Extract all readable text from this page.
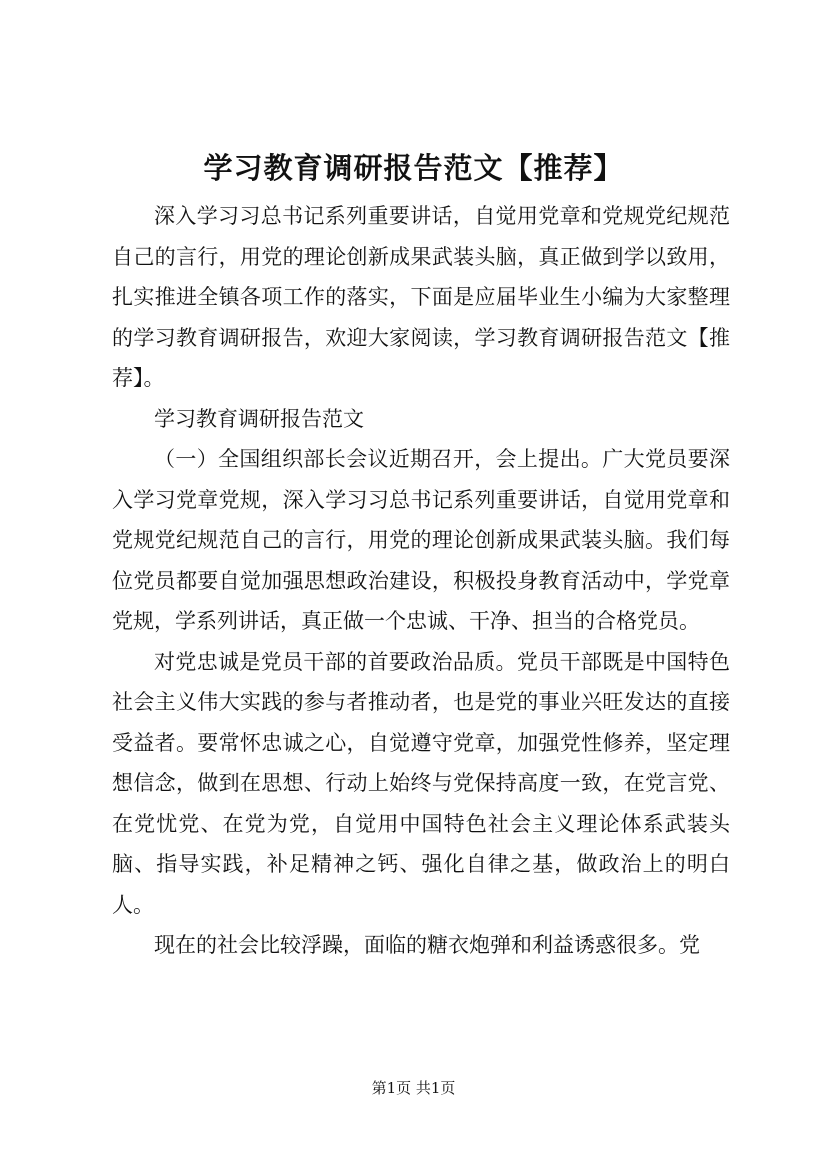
学习教育调研报告范文【推荐】

深入学习习总书记系列重要讲话，自觉用党章和党规党纪规范自己的言行，用党的理论创新成果武装头脑，真正做到学以致用，扎实推进全镇各项工作的落实，下面是应届毕业生小编为大家整理的学习教育调研报告，欢迎大家阅读，学习教育调研报告范文【推荐】。

学习教育调研报告范文

（一）全国组织部长会议近期召开，会上提出。广大党员要深入学习党章党规，深入学习习总书记系列重要讲话，自觉用党章和党规党纪规范自己的言行，用党的理论创新成果武装头脑。我们每位党员都要自觉加强思想政治建设，积极投身教育活动中，学党章党规，学系列讲话，真正做一个忠诚、干净、担当的合格党员。

对党忠诚是党员干部的首要政治品质。党员干部既是中国特色社会主义伟大实践的参与者推动者，也是党的事业兴旺发达的直接受益者。要常怀忠诚之心，自觉遵守党章，加强党性修养，坚定理想信念，做到在思想、行动上始终与党保持高度一致，在党言党、在党忧党、在党为党，自觉用中国特色社会主义理论体系武装头脑、指导实践，补足精神之钙、强化自律之基，做政治上的明白人。

现在的社会比较浮躁，面临的糖衣炮弹和利益诱惑很多。党

第1页 共1页
